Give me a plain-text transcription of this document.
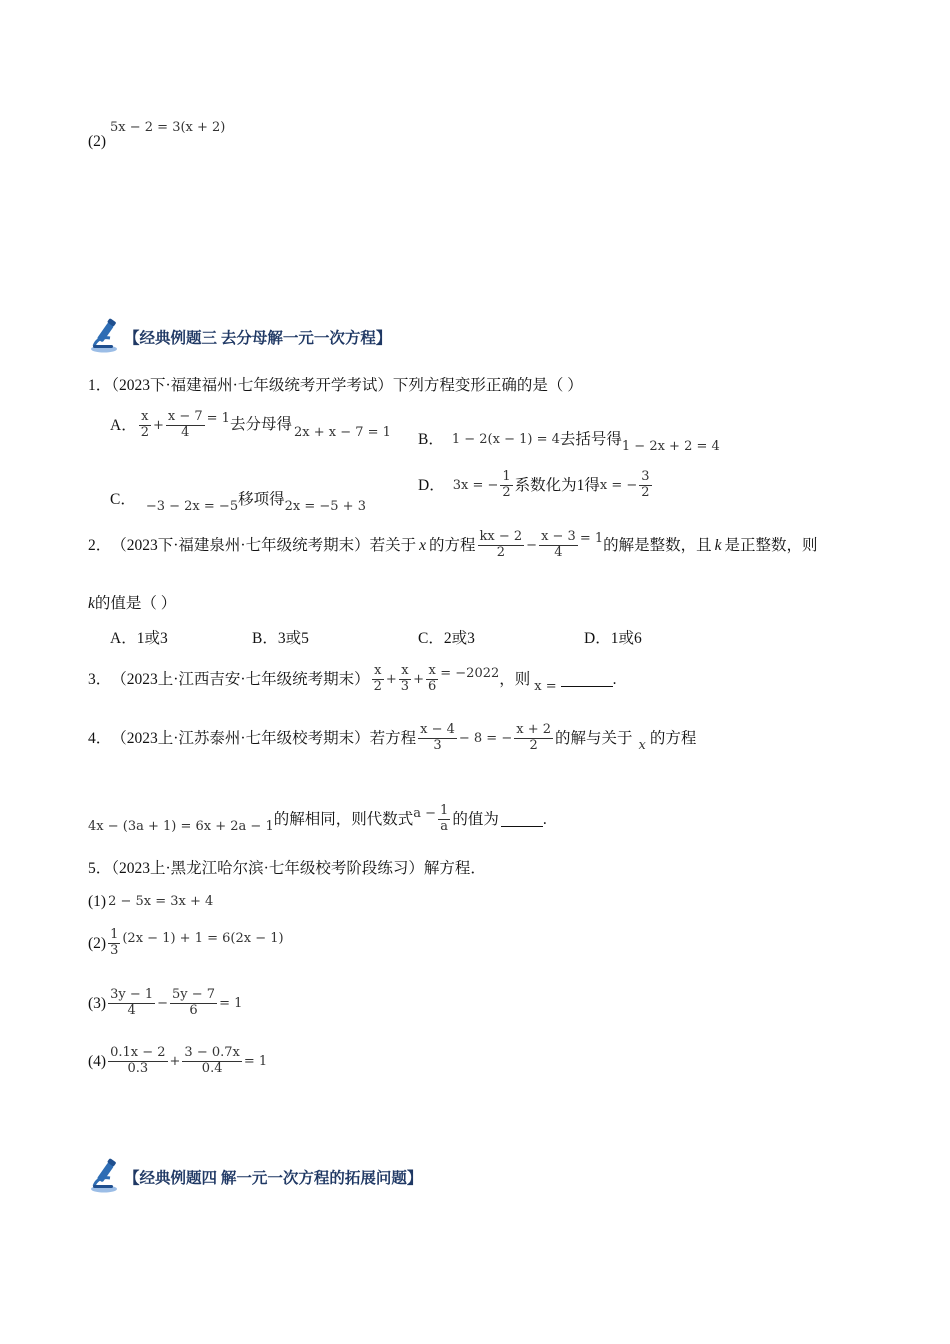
(2)
5x − 2 = 3(x + 2)
【经典例题三 去分母解一元一次方程】
1．（2023下·福建福州·七年级统考开学考试）下列方程变形正确的是（ ）
A． $\frac{x}{2} + \frac{x - 7}{4} = 1$ 去分母得 2x + x − 7 = 1 B． 1 − 2(x − 1) = 4 去括号得 1 − 2x + 2 = 4
C． −3 − 2x = −5 移项得 2x = −5 + 3
D． 3x = − $\frac{1}{2}$ 系数化为1得 x = − $\frac{3}{2}$
2． （2023下·福建泉州·七年级统考期末） 若关于 x 的方程 $\frac{kx - 2}{2} - \frac{x - 3}{4} = 1$ 的解是整数，且 k 是正整数，则
k的值是（ ）
A．1或3	B．3或5	C．2或3	D．1或6
3． （2023上·江西吉安·七年级统考期末） $\frac{x}{2} + \frac{x}{3} + \frac{x}{6} = -2022$ ，则 x =	.
4． （2023上·江苏泰州·七年级校考期末） 若方程 $\frac{x - 4}{3} - 8$ = − $\frac{x + 2}{2}$ 的解与关于 x 的方程
4x − (3a + 1) = 6x + 2a − 1 的解相同，则代数式 $a - \frac{1}{a}$ 的值为	.
5．（2023上·黑龙江哈尔滨·七年级校考阶段练习）解方程．
(1) 2 − 5x = 3x + 4
$(2) \frac{1}{3} (2x - 1) + 1 = 6(2x - 1)$
$(3) \frac{3y - 1}{4} - \frac{5y - 7}{6} = 1$
$(4) \frac{0.1x - 2}{0.3} + \frac{3 - 0.7x}{0.4} = 1$
【经典例题四 解一元一次方程的拓展问题】
